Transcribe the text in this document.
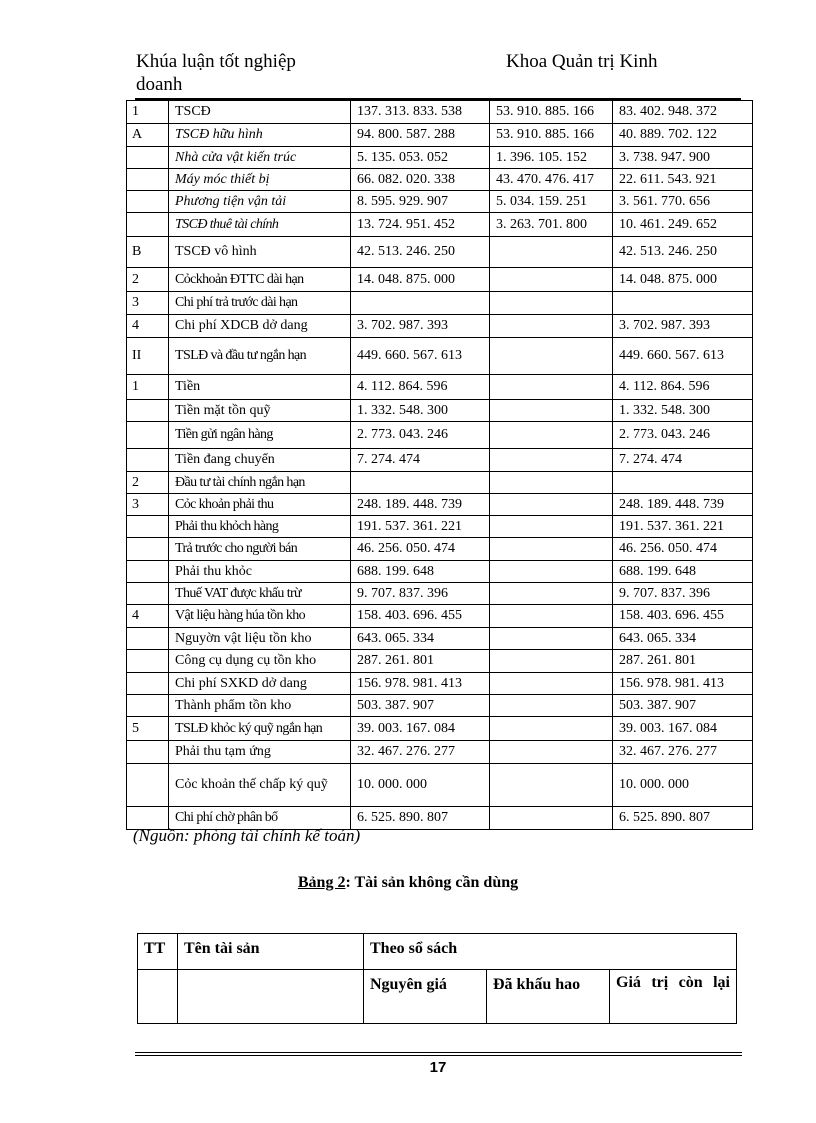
Khúa luận tốt nghiệp
doanh
Khoa Quản trị Kinh
1	TSCĐ	137. 313. 833. 538	53. 910. 885. 166	83. 402. 948. 372
A	TSCĐ hữu hình	94. 800. 587. 288	53. 910. 885. 166	40. 889. 702. 122
	Nhà cửa vật kiến trúc	5. 135. 053. 052	1. 396. 105. 152	3. 738. 947. 900
	Máy móc thiết bị	66. 082. 020. 338	43. 470. 476. 417	22. 611. 543. 921
	Phương tiện vận tải	8. 595. 929. 907	5. 034. 159. 251	3. 561. 770. 656
	TSCĐ thuê tài chính	13. 724. 951. 452	3. 263. 701. 800	10. 461. 249. 652
B	TSCĐ vô hình	42. 513. 246. 250		42. 513. 246. 250
2	Cỏckhoản ĐTTC dài hạn	14. 048. 875. 000		14. 048. 875. 000
3	Chi phí trả trước dài hạn			
4	Chi phí XDCB dở dang	3. 702. 987. 393		3. 702. 987. 393
II	TSLĐ và đầu tư ngắn hạn	449. 660. 567. 613		449. 660. 567. 613
1	Tiền	4. 112. 864. 596		4. 112. 864. 596
	Tiền mặt tồn quỹ	1. 332. 548. 300		1. 332. 548. 300
	Tiền gửi ngân hàng	2. 773. 043. 246		2. 773. 043. 246
	Tiền đang chuyển	7. 274. 474		7. 274. 474
2	Đầu tư tài chính ngắn hạn			
3	Cỏc khoản phải thu	248. 189. 448. 739		248. 189. 448. 739
	Phải thu khỏch hàng	191. 537. 361. 221		191. 537. 361. 221
	Trả trước cho người bán	46. 256. 050. 474		46. 256. 050. 474
	Phải thu khỏc	688. 199. 648		688. 199. 648
	Thuế VAT được khấu trừ	9. 707. 837. 396		9. 707. 837. 396
4	Vật liệu hàng húa tồn kho	158. 403. 696. 455		158. 403. 696. 455
	Nguyờn vật liệu tồn kho	643. 065. 334		643. 065. 334
	Công cụ dụng cụ tồn kho	287. 261. 801		287. 261. 801
	Chi phí SXKD dở dang	156. 978. 981. 413		156. 978. 981. 413
	Thành phẩm tồn kho	503. 387. 907		503. 387. 907
5	TSLĐ khỏc ký quỹ ngắn hạn	39. 003. 167. 084		39. 003. 167. 084
	Phải thu tạm ứng	32. 467. 276. 277		32. 467. 276. 277
	Cỏc khoản thế chấp ký quỹ	10. 000. 000		10. 000. 000
	Chi phí chờ phân bổ	6. 525. 890. 807		6. 525. 890. 807
(Nguồn: phòng tài chính kế toán)
Bảng 2: Tài sản không cần dùng
TT	Tên tài sản	Theo sổ sách		
		Nguyên giá	Đã khấu hao	Giá trị còn lại
17
